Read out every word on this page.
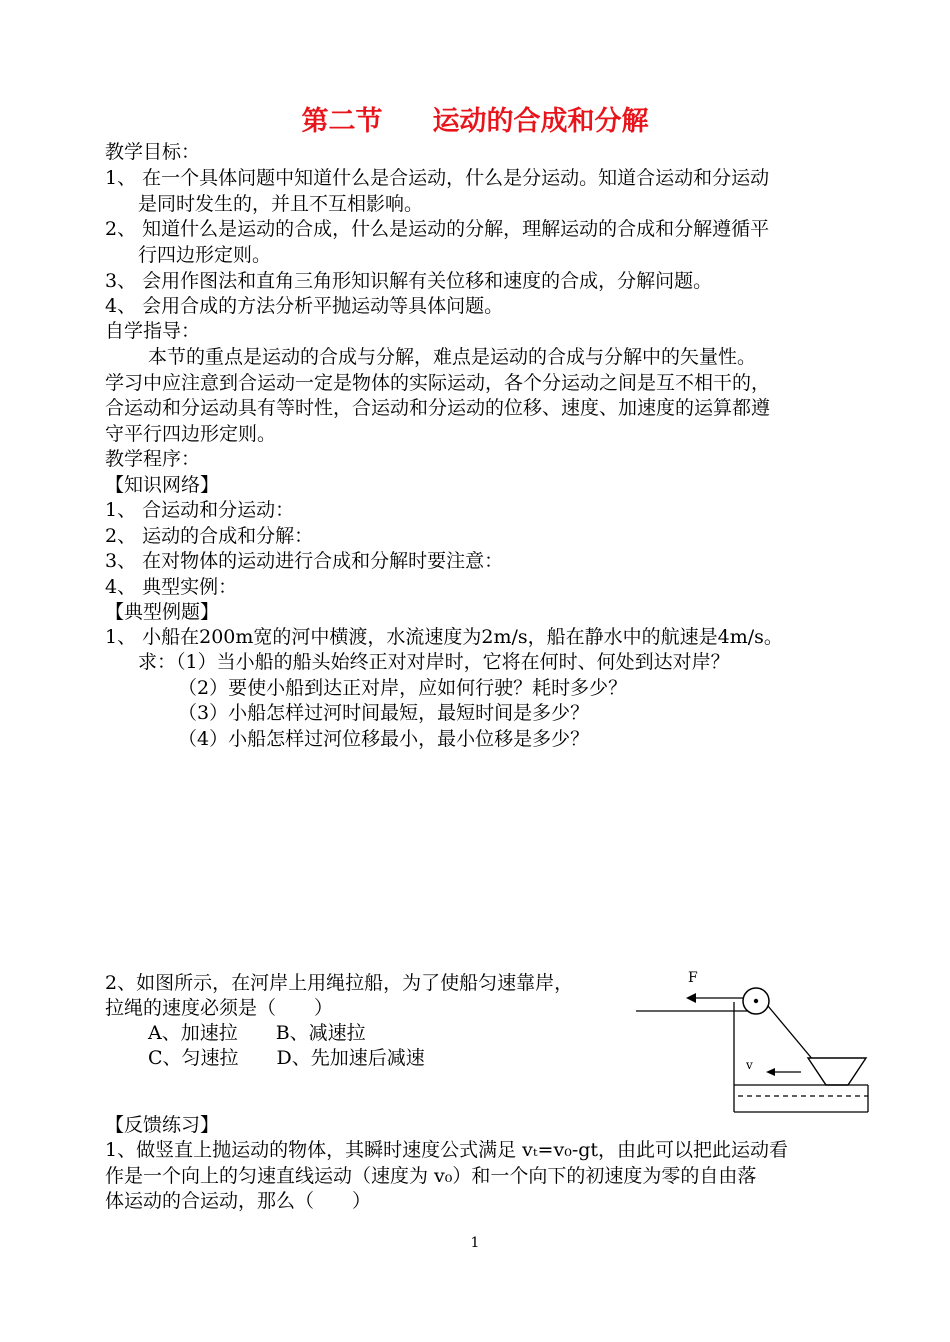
第二节 运动的合成和分解
教学目标：
1、 在一个具体问题中知道什么是合运动，什么是分运动。知道合运动和分运动
是同时发生的，并且不互相影响。
2、 知道什么是运动的合成，什么是运动的分解，理解运动的合成和分解遵循平
行四边形定则。
3、 会用作图法和直角三角形知识解有关位移和速度的合成，分解问题。
4、 会用合成的方法分析平抛运动等具体问题。
自学指导：
本节的重点是运动的合成与分解，难点是运动的合成与分解中的矢量性。
学习中应注意到合运动一定是物体的实际运动，各个分运动之间是互不相干的，
合运动和分运动具有等时性，合运动和分运动的位移、速度、加速度的运算都遵
守平行四边形定则。
教学程序：
【知识网络】
1、 合运动和分运动：
2、 运动的合成和分解：
3、 在对物体的运动进行合成和分解时要注意：
4、 典型实例：
【典型例题】
1、 小船在200m宽的河中横渡，水流速度为2m/s，船在静水中的航速是4m/s。
求：（1）当小船的船头始终正对对岸时，它将在何时、何处到达对岸？
（2）要使小船到达正对岸，应如何行驶？耗时多少？
（3）小船怎样过河时间最短，最短时间是多少？
（4）小船怎样过河位移最小，最小位移是多少？
2、如图所示，在河岸上用绳拉船，为了使船匀速靠岸，
拉绳的速度必须是（　　）
A、加速拉　　B、减速拉
C、匀速拉　　D、先加速后减速
F
v
【反馈练习】
1、做竖直上抛运动的物体，其瞬时速度公式满足 vₜ=v₀-gt，由此可以把此运动看
作是一个向上的匀速直线运动（速度为 v₀）和一个向下的初速度为零的自由落
体运动的合运动，那么（　　）
1
